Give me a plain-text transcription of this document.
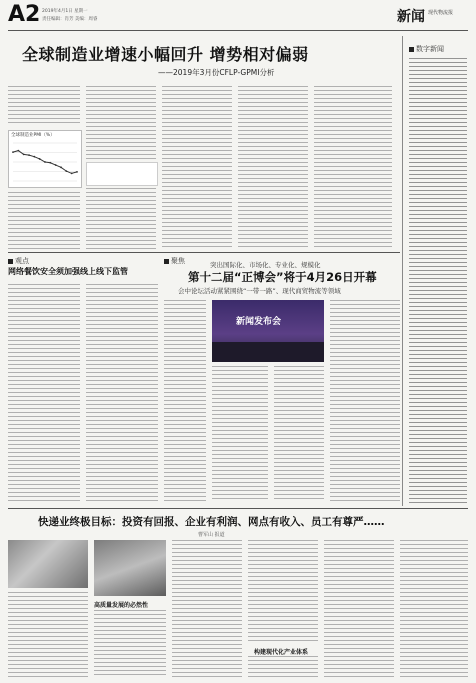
A2 2019年4月1日 星期一
责任编辑：肖芳 美编：周睿	新闻 现代物流报
全球制造业增速小幅回升 增势相对偏弱
——2019年3月份CFLP-GPMI分析
全球制造业PMI（%）
数字新闻
观点
网络餐饮安全须加强线上线下监管
聚焦	突出国际化、市场化、专业化、规模化
第十二届“正博会”将于4月26日开幕
会中论坛活动紧紧围绕“一带一路”、现代商贸物流等领域
新闻发布会
快递业终极目标：投资有回报、企业有利润、网点有收入、员工有尊严……
曹军山 报道
高质量发展的必然性
构建现代化产业体系
